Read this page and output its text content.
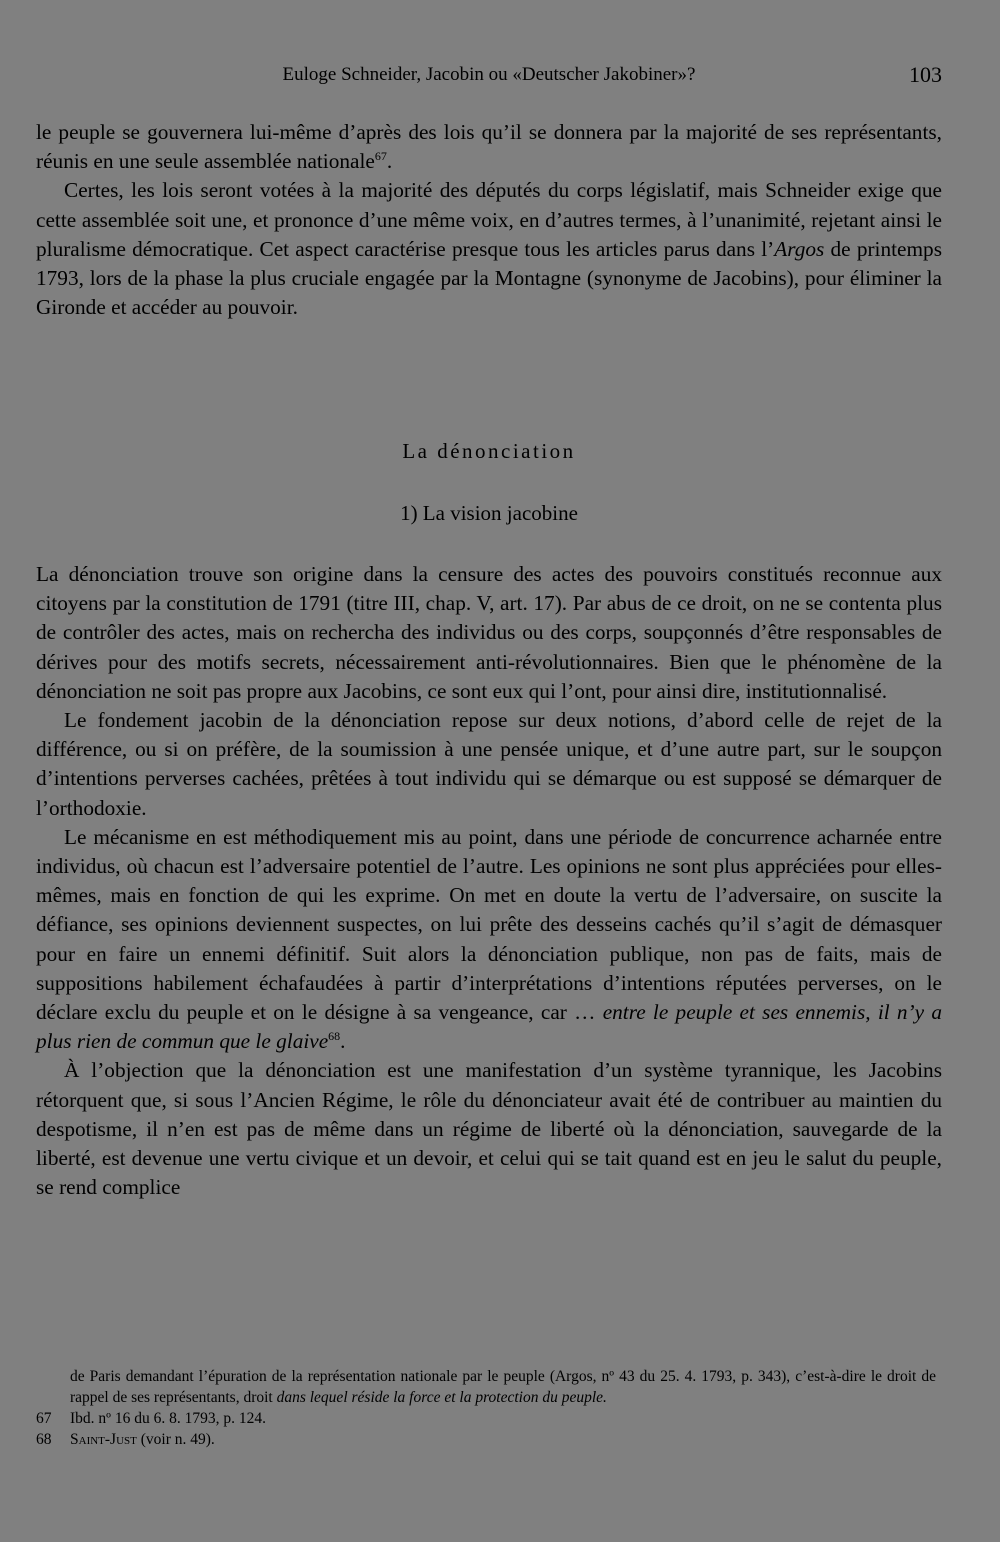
Euloge Schneider, Jacobin ou «Deutscher Jakobiner»?	103

le peuple se gouvernera lui-même d’après des lois qu’il se donnera par la majorité de ses représentants, réunis en une seule assemblée nationale$^{67}$.

Certes, les lois seront votées à la majorité des députés du corps législatif, mais Schneider exige que cette assemblée soit une, et prononce d’une même voix, en d’autres termes, à l’unanimité, rejetant ainsi le pluralisme démocratique. Cet aspect caractérise presque tous les articles parus dans l’Argos de printemps 1793, lors de la phase la plus cruciale engagée par la Montagne (synonyme de Jacobins), pour éliminer la Gironde et accéder au pouvoir.

La dénonciation
1) La vision jacobine

La dénonciation trouve son origine dans la censure des actes des pouvoirs constitués reconnue aux citoyens par la constitution de 1791 (titre III, chap. V, art. 17). Par abus de ce droit, on ne se contenta plus de contrôler des actes, mais on rechercha des individus ou des corps, soupçonnés d’être responsables de dérives pour des motifs secrets, nécessairement anti-révolutionnaires. Bien que le phénomène de la dénonciation ne soit pas propre aux Jacobins, ce sont eux qui l’ont, pour ainsi dire, institutionnalisé.

Le fondement jacobin de la dénonciation repose sur deux notions, d’abord celle de rejet de la différence, ou si on préfère, de la soumission à une pensée unique, et d’une autre part, sur le soupçon d’intentions perverses cachées, prêtées à tout individu qui se démarque ou est supposé se démarquer de l’orthodoxie.

Le mécanisme en est méthodiquement mis au point, dans une période de concurrence acharnée entre individus, où chacun est l’adversaire potentiel de l’autre. Les opinions ne sont plus appréciées pour elles-mêmes, mais en fonction de qui les exprime. On met en doute la vertu de l’adversaire, on suscite la défiance, ses opinions deviennent suspectes, on lui prête des desseins cachés qu’il s’agit de démasquer pour en faire un ennemi définitif. Suit alors la dénonciation publique, non pas de faits, mais de suppositions habilement échafaudées à partir d’interprétations d’intentions réputées perverses, on le déclare exclu du peuple et on le désigne à sa vengeance, car … entre le peuple et ses ennemis, il n’y a plus rien de commun que le glaive$^{68}$.

À l’objection que la dénonciation est une manifestation d’un système tyrannique, les Jacobins rétorquent que, si sous l’Ancien Régime, le rôle du dénonciateur avait été de contribuer au maintien du despotisme, il n’en est pas de même dans un régime de liberté où la dénonciation, sauvegarde de la liberté, est devenue une vertu civique et un devoir, et celui qui se tait quand est en jeu le salut du peuple, se rend complice

de Paris demandant l’épuration de la représentation nationale par le peuple (Argos, nº 43 du 25. 4. 1793, p. 343), c’est-à-dire le droit de rappel de ses représentants, droit dans lequel réside la force et la protection du peuple.
67	Ibd. nº 16 du 6. 8. 1793, p. 124.
68	Saint-Just (voir n. 49).
